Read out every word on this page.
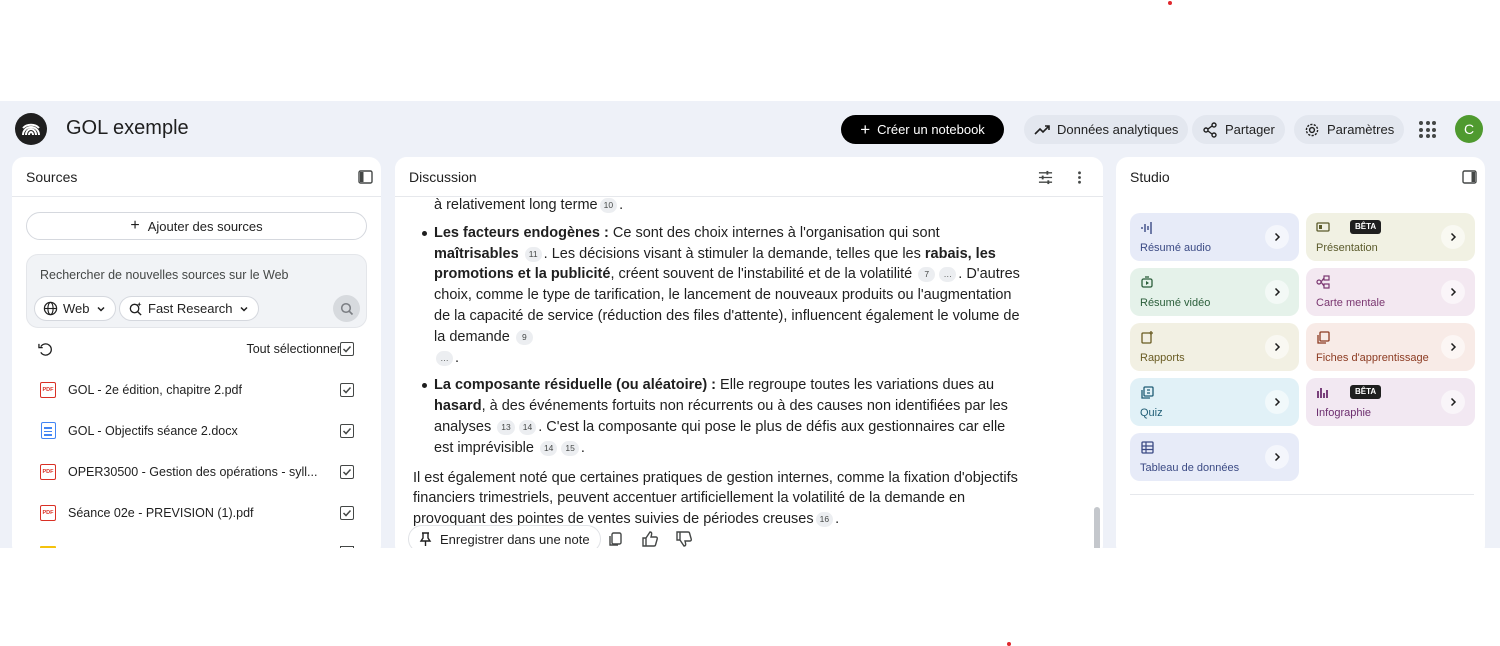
GOL exemple	+ Créer un notebook	Données analytiques	Partager	Paramètres	C
Sources
+ Ajouter des sources
Rechercher de nouvelles sources sur le Web
Web	Fast Research
Tout sélectionner
PDF GOL - 2e édition, chapitre 2.pdf
GOL - Objectifs séance 2.docx
PDF OPER30500 - Gestion des opérations - syll...
PDF Séance 02e - PREVISION (1).pdf
à relativement long terme 10 .
Les facteurs endogènes : Ce sont des choix internes à l'organisation qui sont maîtrisables 11 . Les décisions visant à stimuler la demande, telles que les rabais, les promotions et la publicité, créent souvent de l'instabilité et de la volatilité 7 … . D'autres choix, comme le type de tarification, le lancement de nouveaux produits ou l'augmentation de la capacité de service (réduction des files d'attente), influencent également le volume de la demande 9
… .
La composante résiduelle (ou aléatoire) : Elle regroupe toutes les variations dues au hasard, à des événements fortuits non récurrents ou à des causes non identifiées par les analyses 13 14 . C'est la composante qui pose le plus de défis aux gestionnaires car elle est imprévisible 14 15 .
Il est également noté que certaines pratiques de gestion internes, comme la fixation d'objectifs financiers trimestriels, peuvent accentuer artificiellement la volatilité de la demande en provoquant des pointes de ventes suivies de périodes creuses 16 .
Discussion
Enregistrer dans une note
Studio
Résumé audio
BÊTA
Présentation
Résumé vidéo	Carte mentale
Rapports	Fiches d'apprentissage
Quiz
BÊTA
Infographie
Tableau de données
